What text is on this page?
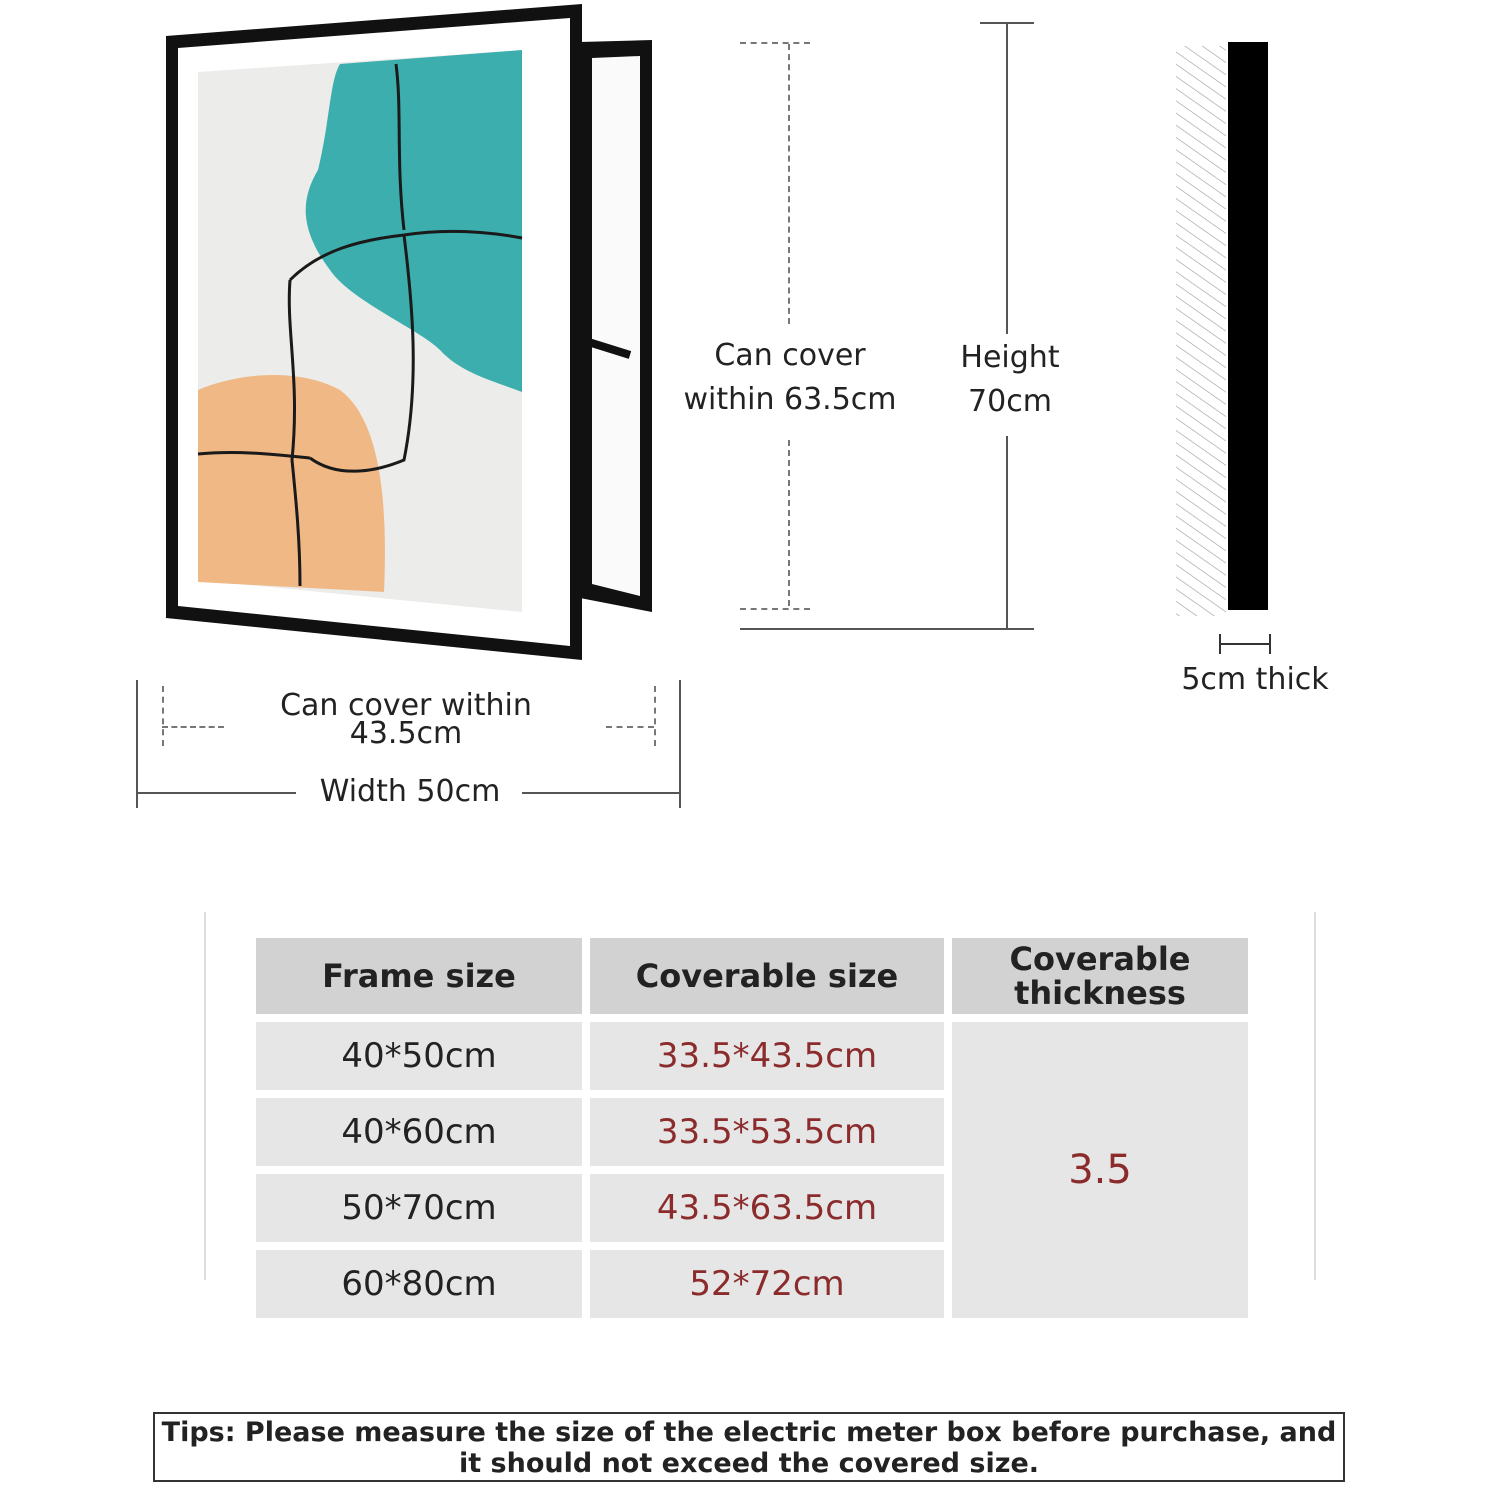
Can cover
within 63.5cm
Height
70cm
5cm thick
Can cover within
43.5cm
Width 50cm
Frame size	Coverable size	Coverable
thickness
40*50cm	33.5*43.5cm	3.5
40*60cm	33.5*53.5cm	
50*70cm	43.5*63.5cm	
60*80cm	52*72cm	
Tips: Please measure the size of the electric meter box before purchase, and it should not exceed the covered size.
